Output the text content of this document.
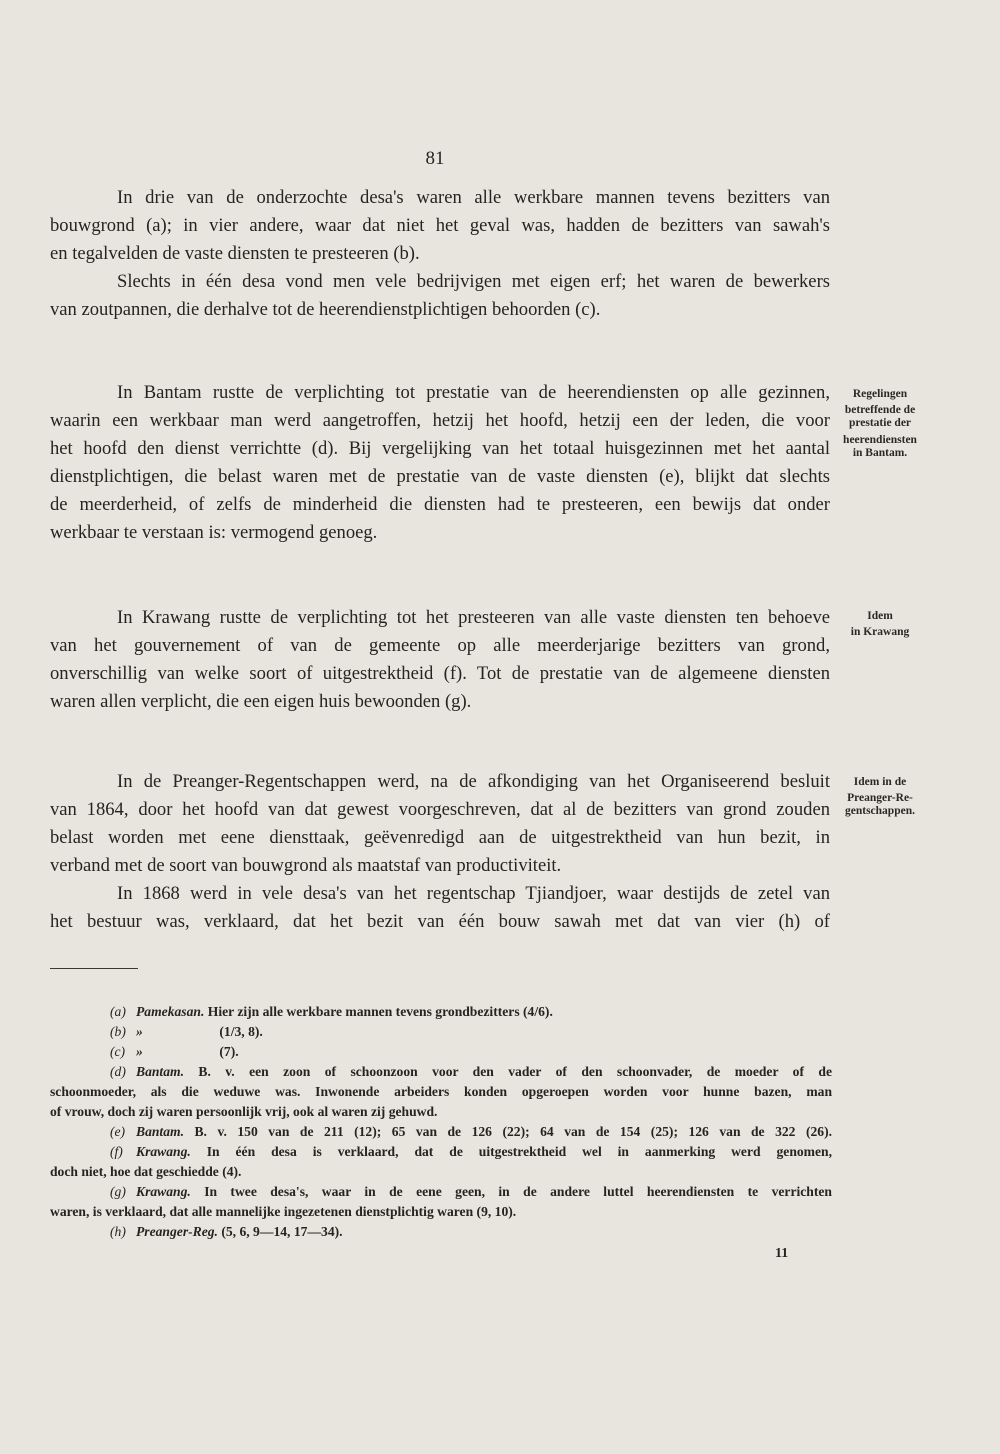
81

In drie van de onderzochte desa's waren alle werkbare mannen tevens bezitters van
bouwgrond (a); in vier andere, waar dat niet het geval was, hadden de bezitters van sawah's
en tegalvelden de vaste diensten te presteeren (b).

Slechts in één desa vond men vele bedrijvigen met eigen erf; het waren de bewerkers
van zoutpannen, die derhalve tot de heerendienstplichtigen behoorden (c).

In Bantam rustte de verplichting tot prestatie van de heerendiensten op alle gezinnen,
waarin een werkbaar man werd aangetroffen, hetzij het hoofd, hetzij een der leden, die voor
het hoofd den dienst verrichtte (d). Bij vergelijking van het totaal huisgezinnen met het aantal
dienstplichtigen, die belast waren met de prestatie van de vaste diensten (e), blijkt dat slechts
de meerderheid, of zelfs de minderheid die diensten had te presteeren, een bewijs dat onder
werkbaar te verstaan is: vermogend genoeg.

Regelingen
betreffende de
prestatie der
heerendiensten
in Bantam.

In Krawang rustte de verplichting tot het presteeren van alle vaste diensten ten behoeve
van het gouvernement of van de gemeente op alle meerderjarige bezitters van grond,
onverschillig van welke soort of uitgestrektheid (f). Tot de prestatie van de algemeene diensten
waren allen verplicht, die een eigen huis bewoonden (g).

Idem
in Krawang

In de Preanger-Regentschappen werd, na de afkondiging van het Organiseerend besluit
van 1864, door het hoofd van dat gewest voorgeschreven, dat al de bezitters van grond zouden
belast worden met eene diensttaak, geëvenredigd aan de uitgestrektheid van hun bezit, in
verband met de soort van bouwgrond als maatstaf van productiviteit.

Idem in de
Preanger-Re-
gentschappen.

In 1868 werd in vele desa's van het regentschap Tjiandjoer, waar destijds de zetel van
het bestuur was, verklaard, dat het bezit van één bouw sawah met dat van vier (h) of

(a) Pamekasan. Hier zijn alle werkbare mannen tevens grondbezitters (4/6).
(b) »	(1/3, 8).
(c) »	(7).
(d) Bantam. B. v. een zoon of schoonzoon voor den vader of den schoonvader, de moeder of de
schoonmoeder, als die weduwe was. Inwonende arbeiders konden opgeroepen worden voor hunne bazen, man
of vrouw, doch zij waren persoonlijk vrij, ook al waren zij gehuwd.
(e) Bantam. B. v. 150 van de 211 (12); 65 van de 126 (22); 64 van de 154 (25); 126 van de 322 (26).
(f) Krawang. In één desa is verklaard, dat de uitgestrektheid wel in aanmerking werd genomen,
doch niet, hoe dat geschiedde (4).
(g) Krawang. In twee desa's, waar in de eene geen, in de andere luttel heerendiensten te verrichten
waren, is verklaard, dat alle mannelijke ingezetenen dienstplichtig waren (9, 10).
(h) Preanger-Reg. (5, 6, 9—14, 17—34).
11
